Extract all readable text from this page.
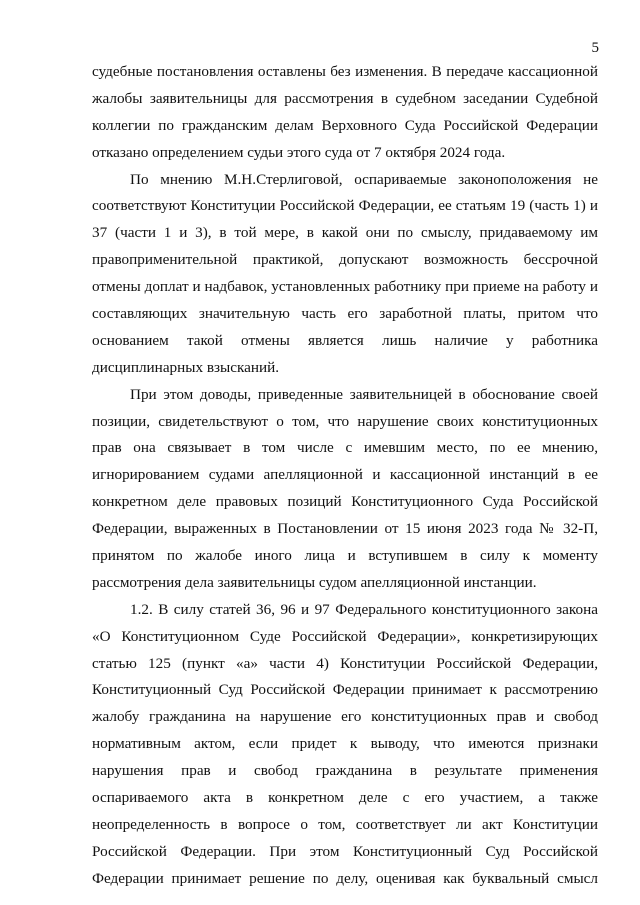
5
судебные постановления оставлены без изменения. В передаче кассационной
жалобы заявительницы для рассмотрения в судебном заседании Судебной
коллегии по гражданским делам Верховного Суда Российской Федерации
отказано определением судьи этого суда от 7 октября 2024 года.
По мнению М.Н.Стерлиговой, оспариваемые законоположения не
соответствуют Конституции Российской Федерации, ее статьям 19 (часть 1) и
37 (части 1 и 3), в той мере, в какой они по смыслу, придаваемому им
правоприменительной практикой, допускают возможность бессрочной
отмены доплат и надбавок, установленных работнику при приеме на работу и
составляющих значительную часть его заработной платы, притом что
основанием такой отмены является лишь наличие у работника
дисциплинарных взысканий.
При этом доводы, приведенные заявительницей в обоснование своей
позиции, свидетельствуют о том, что нарушение своих конституционных
прав она связывает в том числе с имевшим место, по ее мнению,
игнорированием судами апелляционной и кассационной инстанций в ее
конкретном деле правовых позиций Конституционного Суда Российской
Федерации, выраженных в Постановлении от 15 июня 2023 года № 32-П,
принятом по жалобе иного лица и вступившем в силу к моменту
рассмотрения дела заявительницы судом апелляционной инстанции.
1.2. В силу статей 36, 96 и 97 Федерального конституционного закона
«О Конституционном Суде Российской Федерации», конкретизирующих
статью 125 (пункт «а» части 4) Конституции Российской Федерации,
Конституционный Суд Российской Федерации принимает к рассмотрению
жалобу гражданина на нарушение его конституционных прав и свобод
нормативным актом, если придет к выводу, что имеются признаки
нарушения прав и свобод гражданина в результате применения
оспариваемого акта в конкретном деле с его участием, а также
неопределенность в вопросе о том, соответствует ли акт Конституции
Российской Федерации. При этом Конституционный Суд Российской
Федерации принимает решение по делу, оценивая как буквальный смысл
